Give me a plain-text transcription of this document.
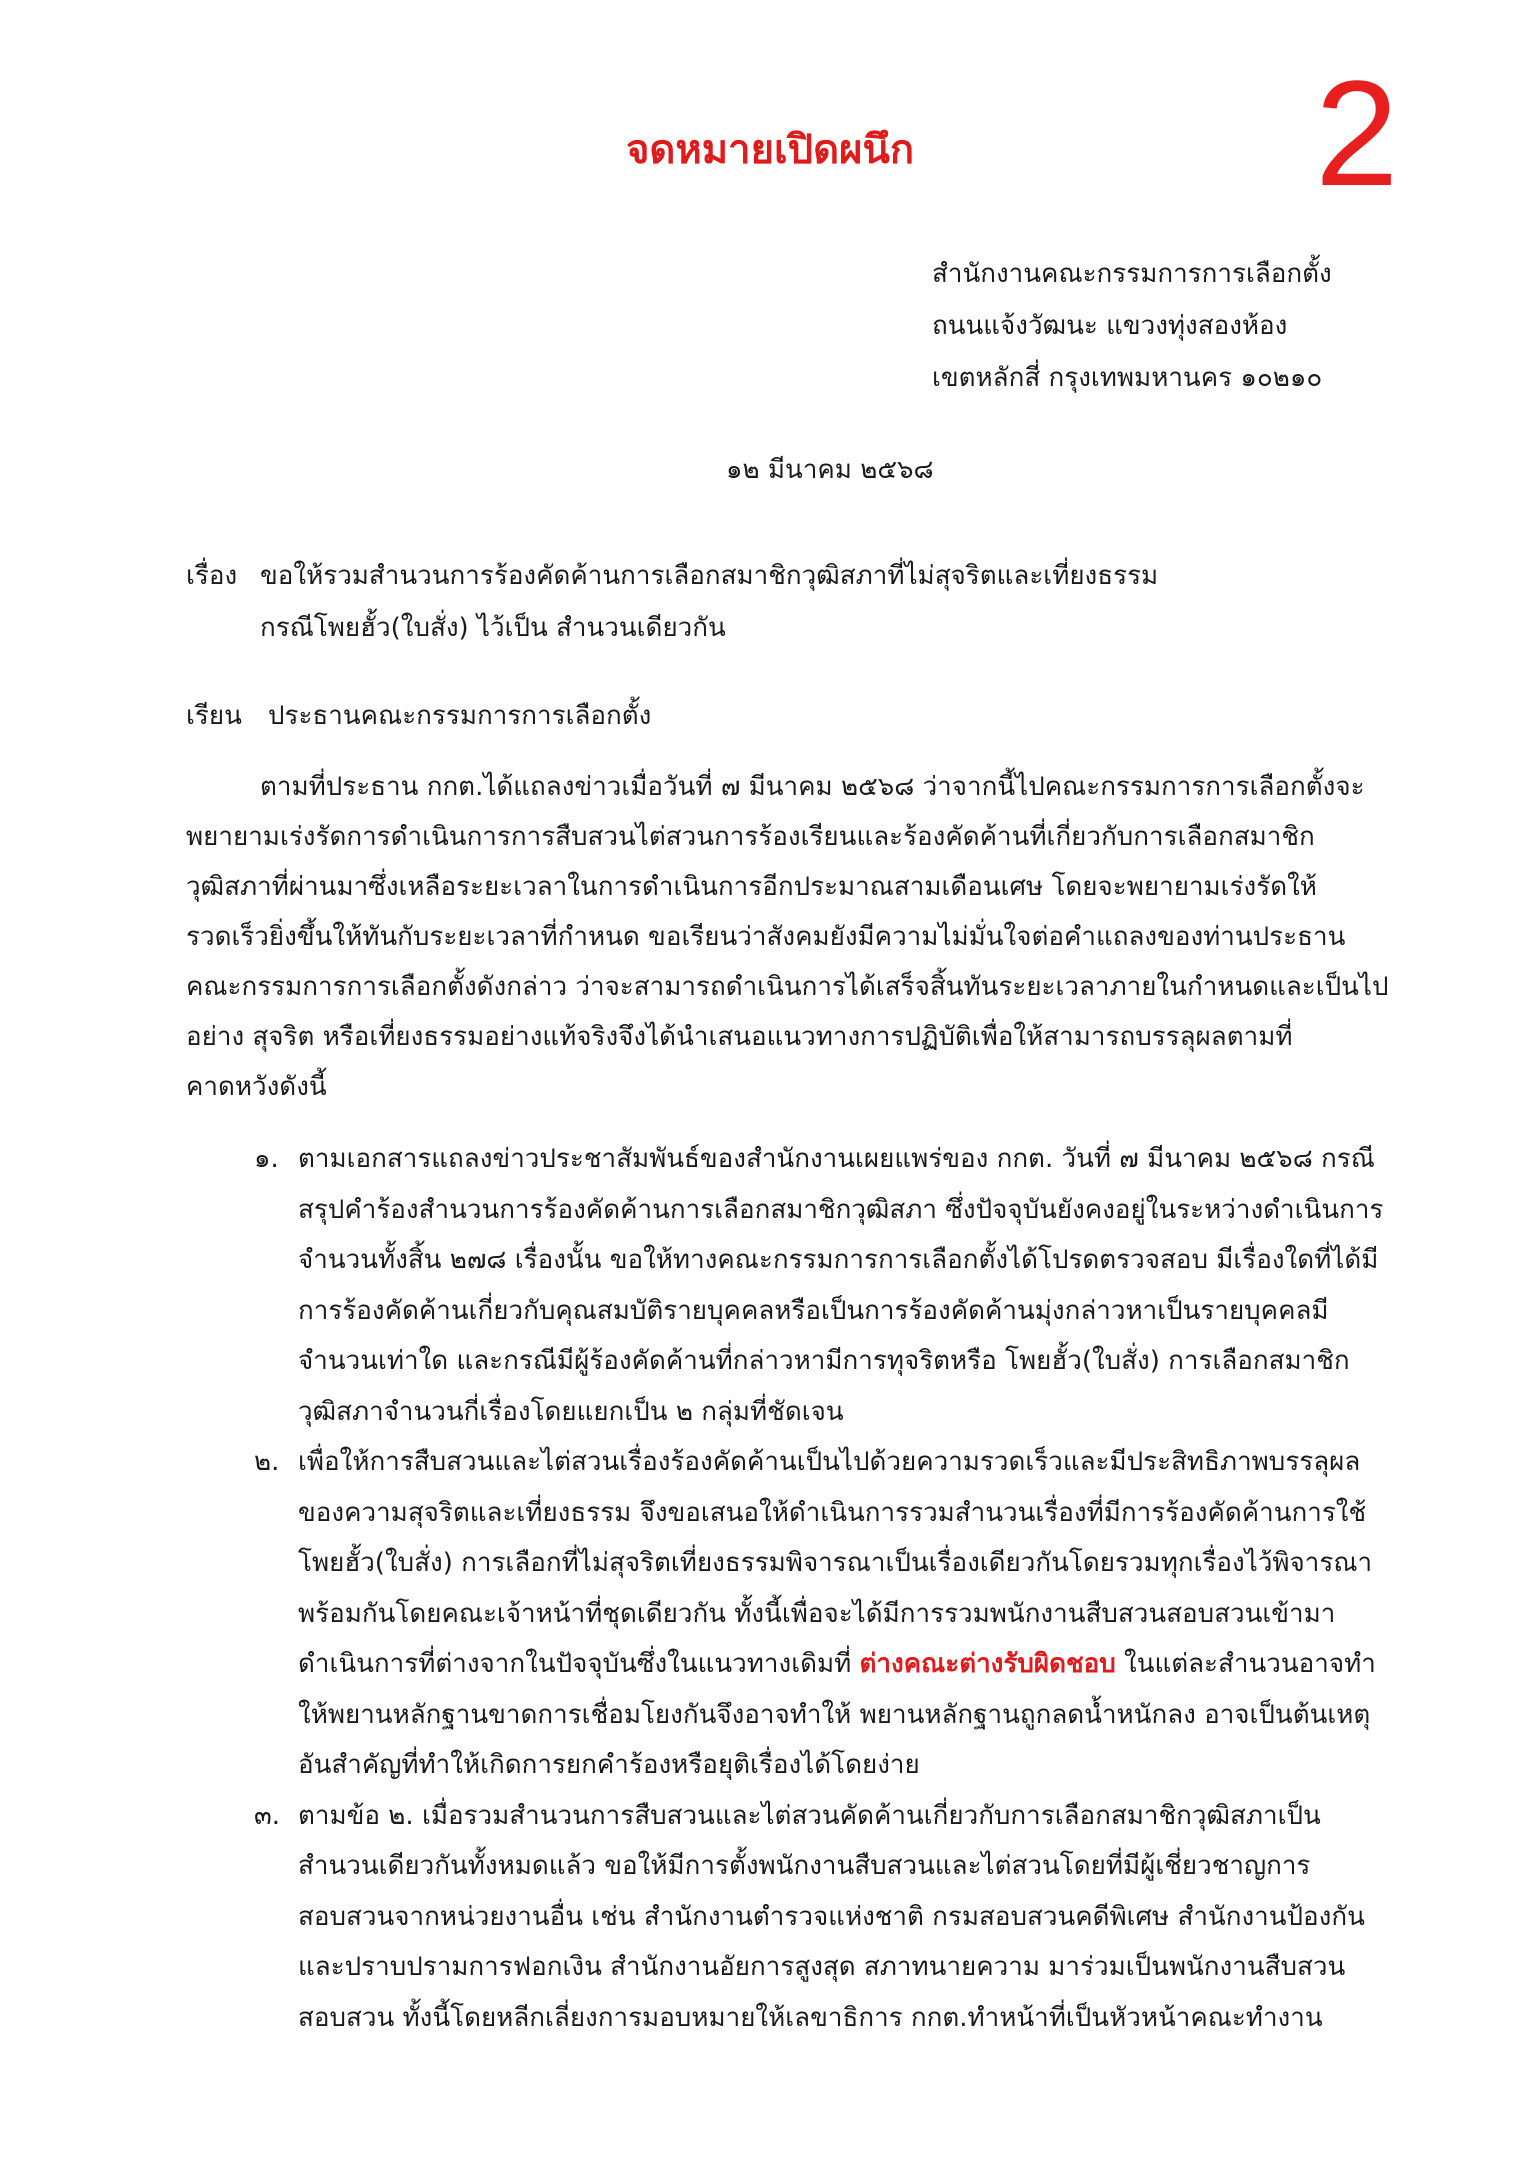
2
จดหมายเปิดผนึก
สำนักงานคณะกรรมการการเลือกตั้ง
ถนนแจ้งวัฒนะ แขวงทุ่งสองห้อง
เขตหลักสี่ กรุงเทพมหานคร ๑๐๒๑๐
๑๒ มีนาคม ๒๕๖๘
เรื่อง ขอให้รวมสำนวนการร้องคัดค้านการเลือกสมาชิกวุฒิสภาที่ไม่สุจริตและเที่ยงธรรม
กรณีโพยฮั้ว(ใบสั่ง) ไว้เป็น สำนวนเดียวกัน
เรียน ประธานคณะกรรมการการเลือกตั้ง
ตามที่ประธาน กกต.ได้แถลงข่าวเมื่อวันที่ ๗ มีนาคม ๒๕๖๘ ว่าจากนี้ไปคณะกรรมการการเลือกตั้งจะ
พยายามเร่งรัดการดำเนินการการสืบสวนไต่สวนการร้องเรียนและร้องคัดค้านที่เกี่ยวกับการเลือกสมาชิก
วุฒิสภาที่ผ่านมาซึ่งเหลือระยะเวลาในการดำเนินการอีกประมาณสามเดือนเศษ โดยจะพยายามเร่งรัดให้
รวดเร็วยิ่งขึ้นให้ทันกับระยะเวลาที่กำหนด ขอเรียนว่าสังคมยังมีความไม่มั่นใจต่อคำแถลงของท่านประธาน
คณะกรรมการการเลือกตั้งดังกล่าว ว่าจะสามารถดำเนินการได้เสร็จสิ้นทันระยะเวลาภายในกำหนดและเป็นไป
อย่าง สุจริต หรือเที่ยงธรรมอย่างแท้จริงจึงได้นำเสนอแนวทางการปฏิบัติเพื่อให้สามารถบรรลุผลตามที่
คาดหวังดังนี้
๑. ตามเอกสารแถลงข่าวประชาสัมพันธ์ของสำนักงานเผยแพร่ของ กกต. วันที่ ๗ มีนาคม ๒๕๖๘ กรณี
สรุปคำร้องสำนวนการร้องคัดค้านการเลือกสมาชิกวุฒิสภา ซึ่งปัจจุบันยังคงอยู่ในระหว่างดำเนินการ
จำนวนทั้งสิ้น ๒๗๘ เรื่องนั้น ขอให้ทางคณะกรรมการการเลือกตั้งได้โปรดตรวจสอบ มีเรื่องใดที่ได้มี
การร้องคัดค้านเกี่ยวกับคุณสมบัติรายบุคคลหรือเป็นการร้องคัดค้านมุ่งกล่าวหาเป็นรายบุคคลมี
จำนวนเท่าใด และกรณีมีผู้ร้องคัดค้านที่กล่าวหามีการทุจริตหรือ โพยฮั้ว(ใบสั่ง) การเลือกสมาชิก
วุฒิสภาจำนวนกี่เรื่องโดยแยกเป็น ๒ กลุ่มที่ชัดเจน
๒. เพื่อให้การสืบสวนและไต่สวนเรื่องร้องคัดค้านเป็นไปด้วยความรวดเร็วและมีประสิทธิภาพบรรลุผล
ของความสุจริตและเที่ยงธรรม จึงขอเสนอให้ดำเนินการรวมสำนวนเรื่องที่มีการร้องคัดค้านการใช้
โพยฮั้ว(ใบสั่ง) การเลือกที่ไม่สุจริตเที่ยงธรรมพิจารณาเป็นเรื่องเดียวกันโดยรวมทุกเรื่องไว้พิจารณา
พร้อมกันโดยคณะเจ้าหน้าที่ชุดเดียวกัน ทั้งนี้เพื่อจะได้มีการรวมพนักงานสืบสวนสอบสวนเข้ามา
ดำเนินการที่ต่างจากในปัจจุบันซึ่งในแนวทางเดิมที่ ต่างคณะต่างรับผิดชอบ ในแต่ละสำนวนอาจทำ
ให้พยานหลักฐานขาดการเชื่อมโยงกันจึงอาจทำให้ พยานหลักฐานถูกลดน้ำหนักลง อาจเป็นต้นเหตุ
อันสำคัญที่ทำให้เกิดการยกคำร้องหรือยุติเรื่องได้โดยง่าย
๓. ตามข้อ ๒. เมื่อรวมสำนวนการสืบสวนและไต่สวนคัดค้านเกี่ยวกับการเลือกสมาชิกวุฒิสภาเป็น
สำนวนเดียวกันทั้งหมดแล้ว ขอให้มีการตั้งพนักงานสืบสวนและไต่สวนโดยที่มีผู้เชี่ยวชาญการ
สอบสวนจากหน่วยงานอื่น เช่น สำนักงานตำรวจแห่งชาติ กรมสอบสวนคดีพิเศษ สำนักงานป้องกัน
และปราบปรามการฟอกเงิน สำนักงานอัยการสูงสุด สภาทนายความ มาร่วมเป็นพนักงานสืบสวน
สอบสวน ทั้งนี้โดยหลีกเลี่ยงการมอบหมายให้เลขาธิการ กกต.ทำหน้าที่เป็นหัวหน้าคณะทำงาน
